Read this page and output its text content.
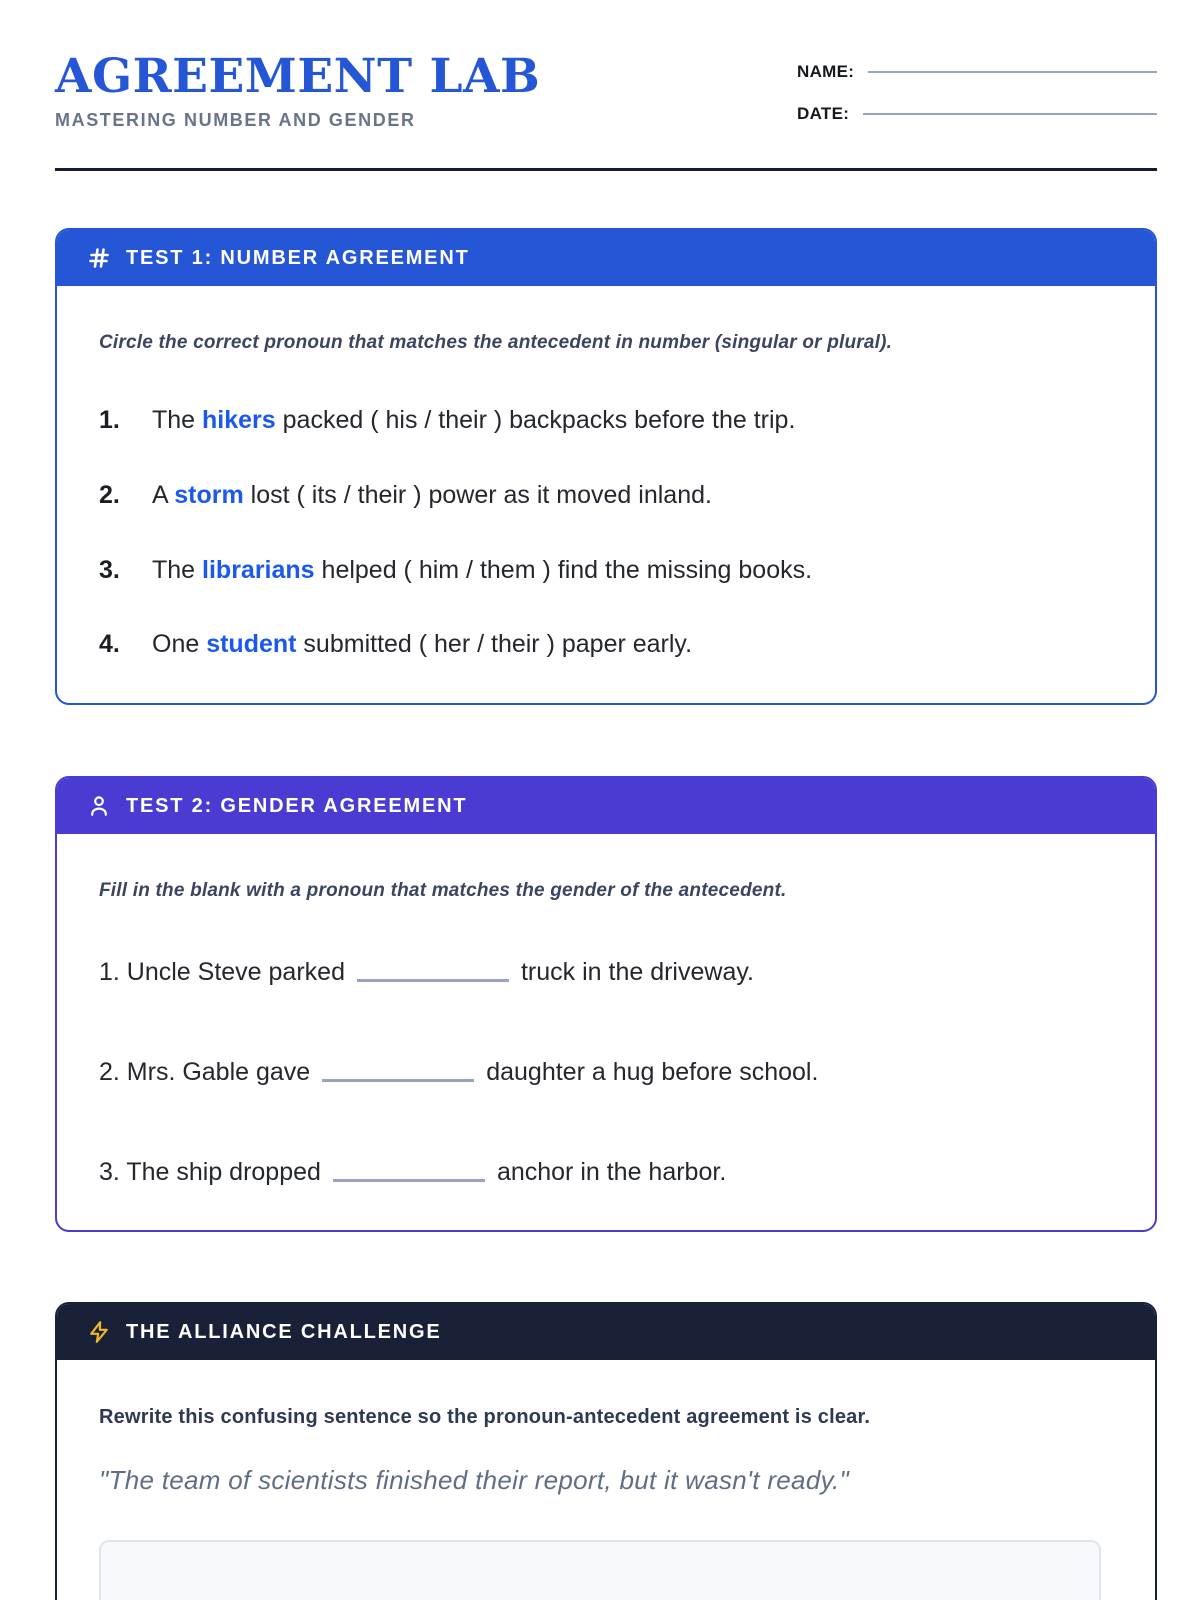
AGREEMENT LAB
MASTERING NUMBER AND GENDER
NAME:
DATE:
TEST 1: NUMBER AGREEMENT

Circle the correct pronoun that matches the antecedent in number (singular or plural).

1.	The hikers packed ( his / their ) backpacks before the trip.
2.	A storm lost ( its / their ) power as it moved inland.
3.	The librarians helped ( him / them ) find the missing books.
4.	One student submitted ( her / their ) paper early.
TEST 2: GENDER AGREEMENT

Fill in the blank with a pronoun that matches the gender of the antecedent.

1. Uncle Steve parked	truck in the driveway.
2. Mrs. Gable gave	daughter a hug before school.
3. The ship dropped	anchor in the harbor.
THE ALLIANCE CHALLENGE

Rewrite this confusing sentence so the pronoun-antecedent agreement is clear.

"The team of scientists finished their report, but it wasn't ready."
